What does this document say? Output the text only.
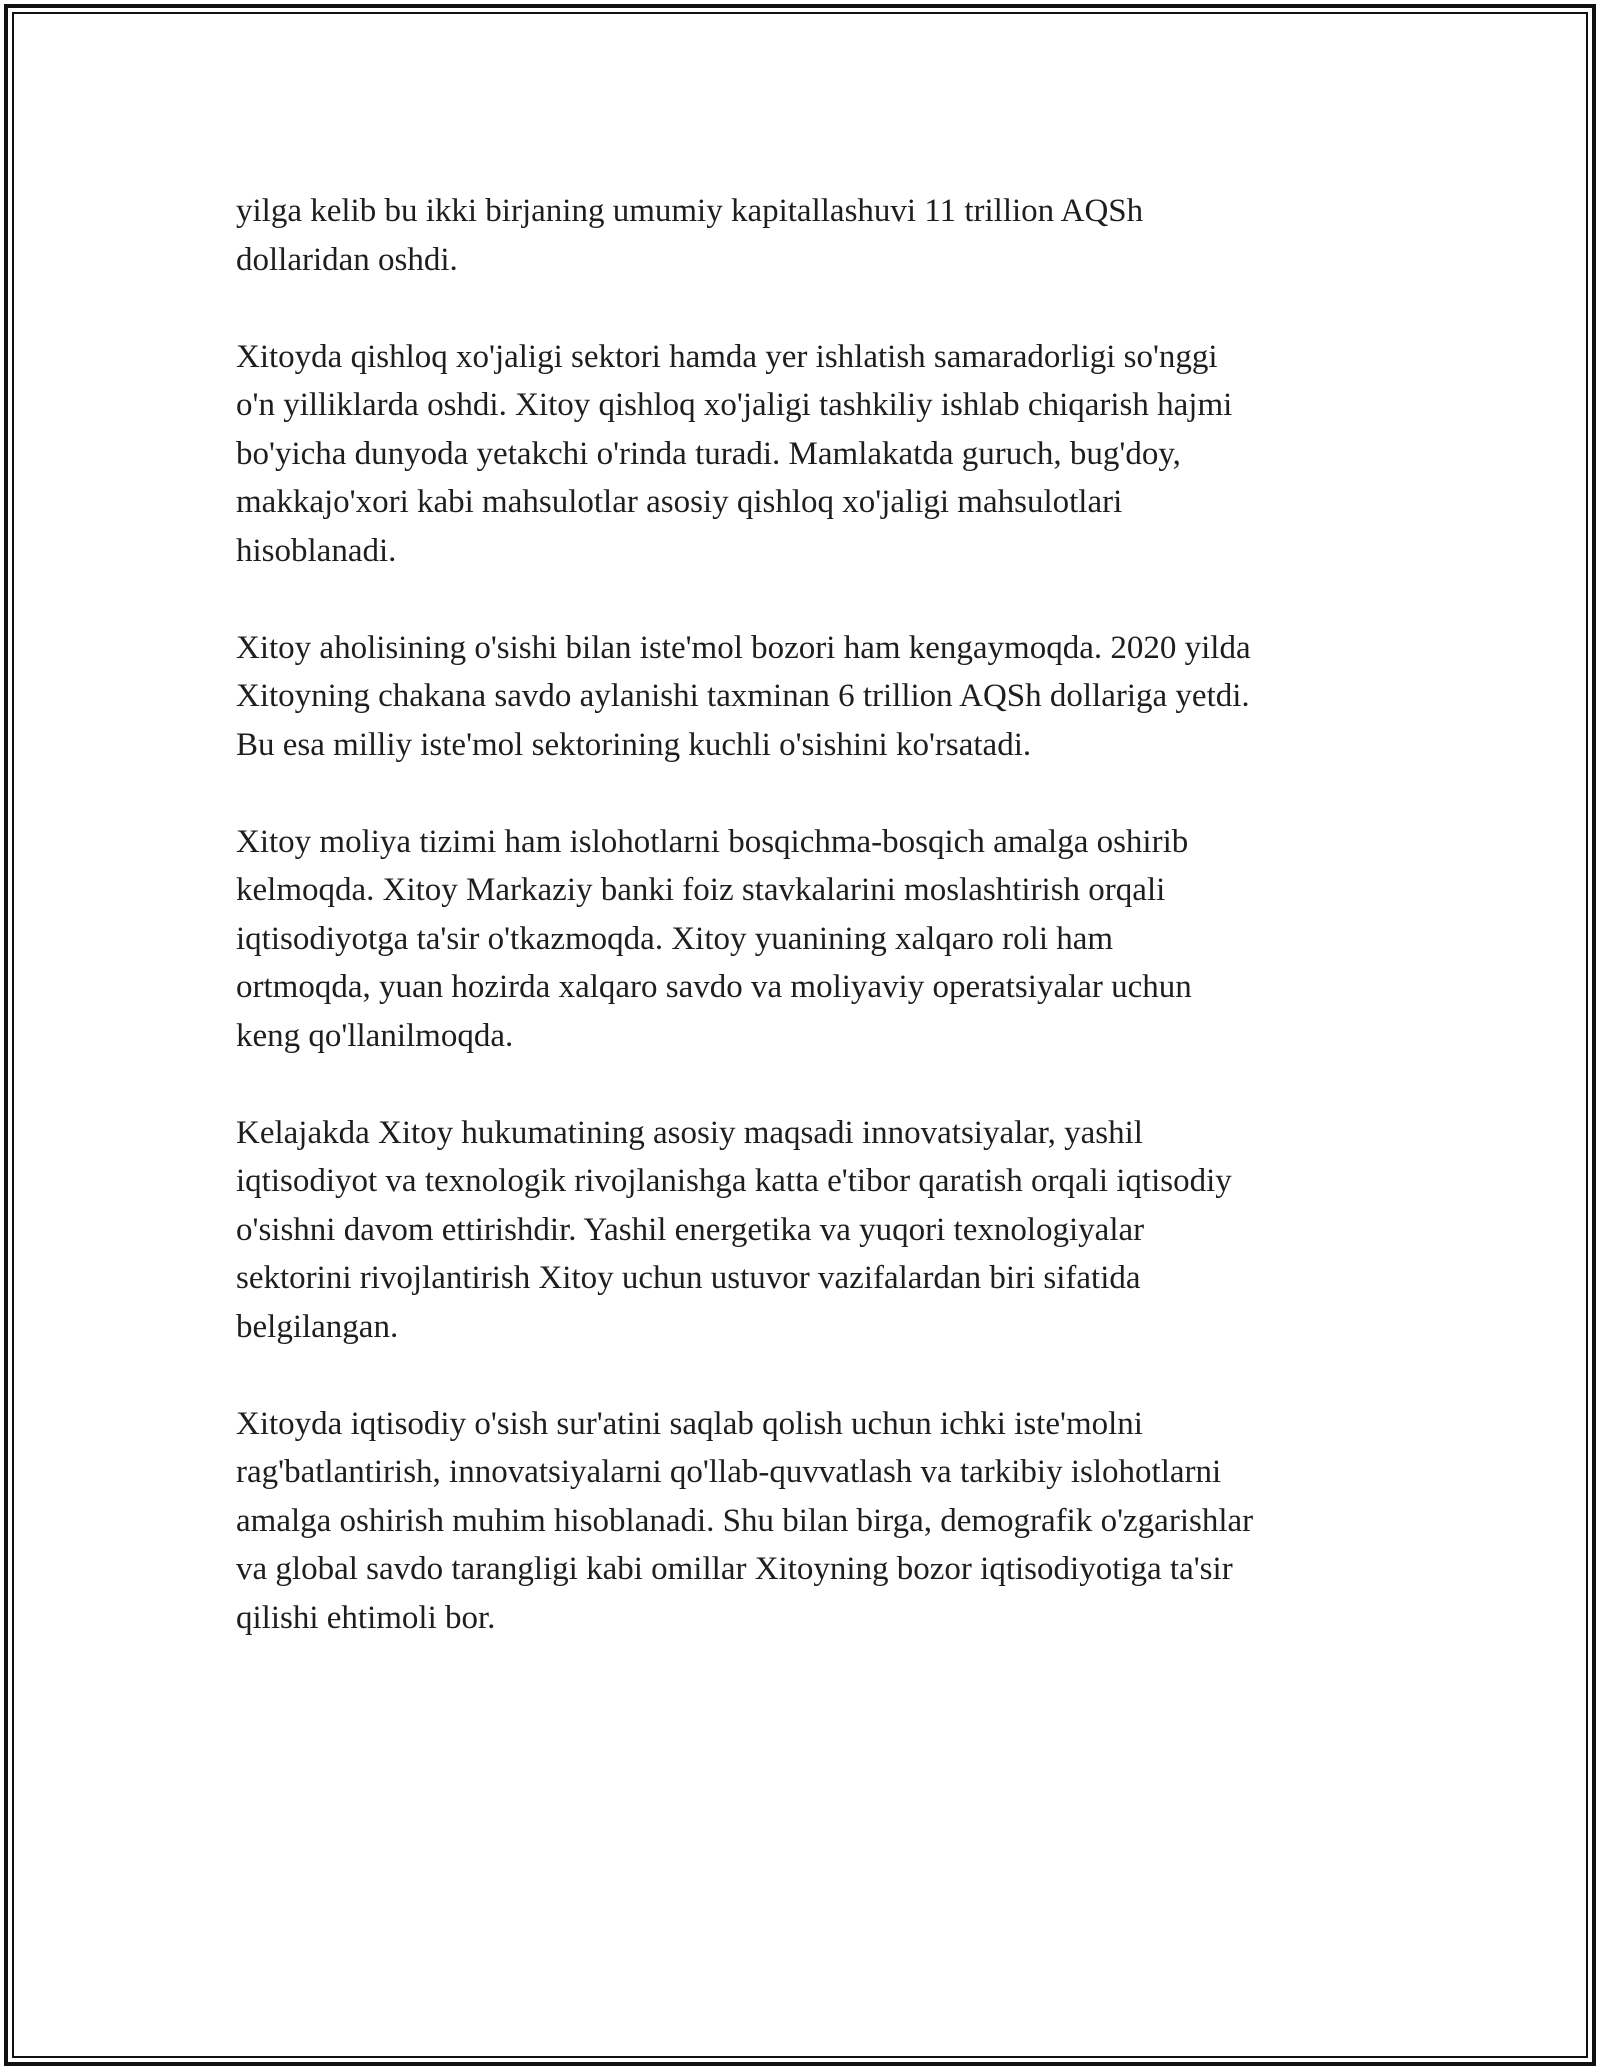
yilga kelib bu ikki birjaning umumiy kapitallashuvi 11 trillion AQSh
dollaridan oshdi.

Xitoyda qishloq xo'jaligi sektori hamda yer ishlatish samaradorligi so'nggi
o'n yilliklarda oshdi. Xitoy qishloq xo'jaligi tashkiliy ishlab chiqarish hajmi
bo'yicha dunyoda yetakchi o'rinda turadi. Mamlakatda guruch, bug'doy,
makkajo'xori kabi mahsulotlar asosiy qishloq xo'jaligi mahsulotlari
hisoblanadi.

Xitoy aholisining o'sishi bilan iste'mol bozori ham kengaymoqda. 2020 yilda
Xitoyning chakana savdo aylanishi taxminan 6 trillion AQSh dollariga yetdi.
Bu esa milliy iste'mol sektorining kuchli o'sishini ko'rsatadi.

Xitoy moliya tizimi ham islohotlarni bosqichma-bosqich amalga oshirib
kelmoqda. Xitoy Markaziy banki foiz stavkalarini moslashtirish orqali
iqtisodiyotga ta'sir o'tkazmoqda. Xitoy yuanining xalqaro roli ham
ortmoqda, yuan hozirda xalqaro savdo va moliyaviy operatsiyalar uchun
keng qo'llanilmoqda.

Kelajakda Xitoy hukumatining asosiy maqsadi innovatsiyalar, yashil
iqtisodiyot va texnologik rivojlanishga katta e'tibor qaratish orqali iqtisodiy
o'sishni davom ettirishdir. Yashil energetika va yuqori texnologiyalar
sektorini rivojlantirish Xitoy uchun ustuvor vazifalardan biri sifatida
belgilangan.

Xitoyda iqtisodiy o'sish sur'atini saqlab qolish uchun ichki iste'molni
rag'batlantirish, innovatsiyalarni qo'llab-quvvatlash va tarkibiy islohotlarni
amalga oshirish muhim hisoblanadi. Shu bilan birga, demografik o'zgarishlar
va global savdo tarangligi kabi omillar Xitoyning bozor iqtisodiyotiga ta'sir
qilishi ehtimoli bor.
